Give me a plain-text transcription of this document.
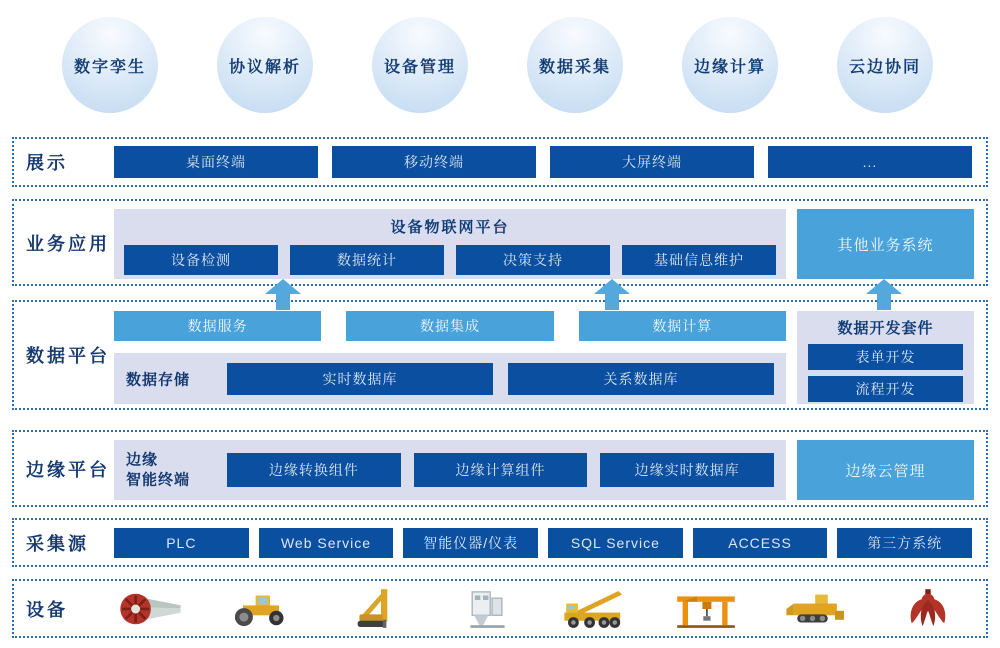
数字孪生	协议解析	设备管理	数据采集	边缘计算	云边协同
展示	桌面终端	移动终端	大屏终端	...
业务应用
设备物联网平台
设备检测	数据统计	决策支持	基础信息维护
其他业务系统
数据平台
数据服务	数据集成	数据计算
数据存储	实时数据库	关系数据库
数据开发套件
表单开发
流程开发
边缘平台 边缘
智能终端
边缘转换组件	边缘计算组件	边缘实时数据库	边缘云管理
采集源	PLC	Web Service	智能仪器/仪表	SQL Service	ACCESS	第三方系统
设备
